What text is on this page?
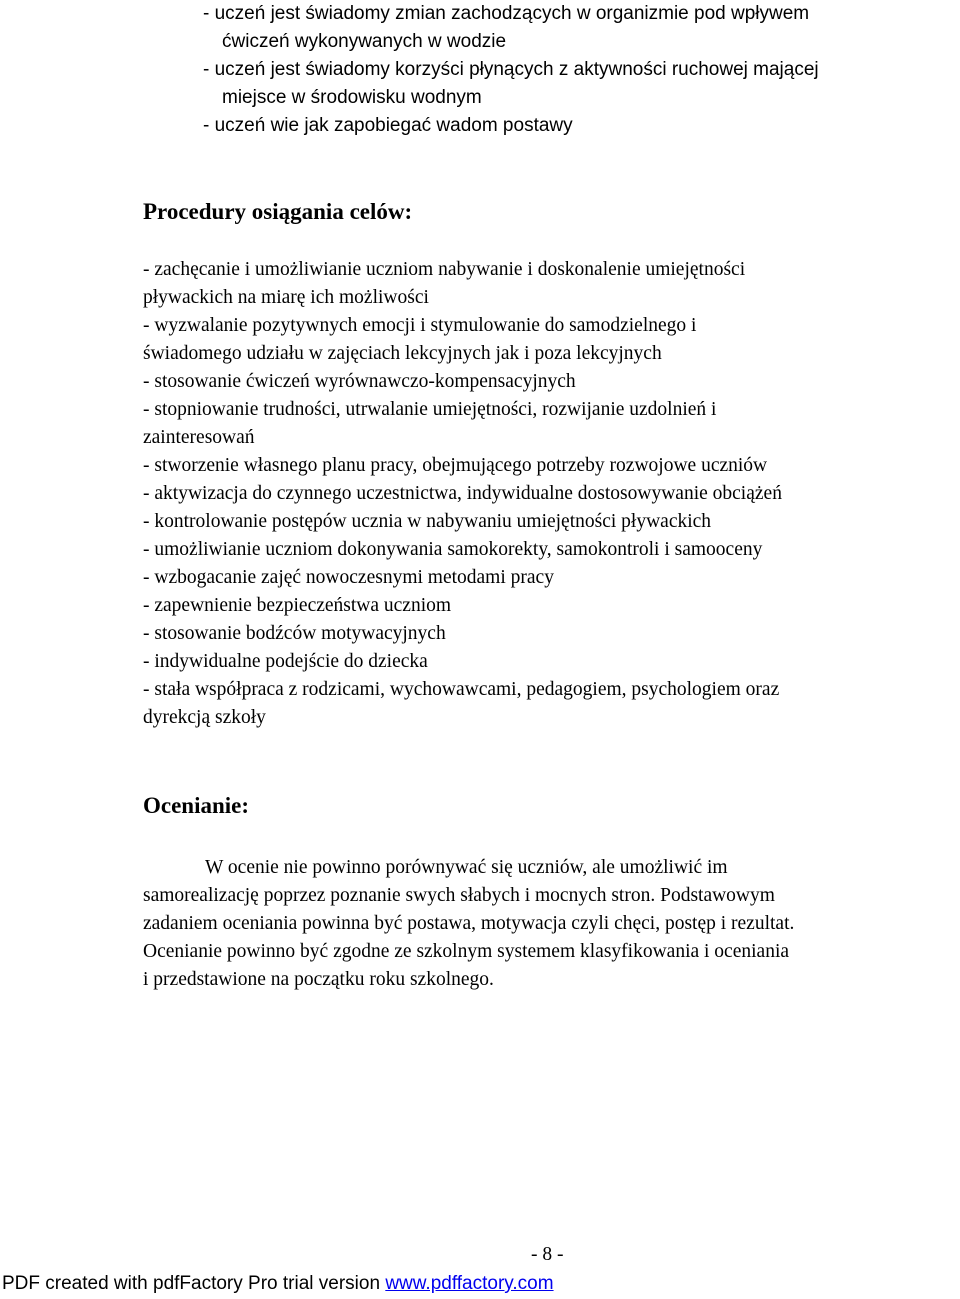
- uczeń jest świadomy zmian zachodzących w organizmie pod wpływem
ćwiczeń wykonywanych w wodzie
- uczeń jest świadomy korzyści płynących z aktywności ruchowej mającej
miejsce w środowisku wodnym
- uczeń wie jak zapobiegać wadom postawy
Procedury osiągania celów:
- zachęcanie i umożliwianie uczniom nabywanie i doskonalenie umiejętności
pływackich na miarę ich możliwości
- wyzwalanie pozytywnych emocji i stymulowanie do samodzielnego i
świadomego udziału w zajęciach lekcyjnych jak i poza lekcyjnych
- stosowanie ćwiczeń wyrównawczo-kompensacyjnych
- stopniowanie trudności, utrwalanie umiejętności, rozwijanie uzdolnień i
zainteresowań
- stworzenie własnego planu pracy, obejmującego potrzeby rozwojowe uczniów
- aktywizacja do czynnego uczestnictwa, indywidualne dostosowywanie obciążeń
- kontrolowanie postępów ucznia w nabywaniu umiejętności pływackich
- umożliwianie uczniom dokonywania samokorekty, samokontroli i samooceny
- wzbogacanie zajęć nowoczesnymi metodami pracy
- zapewnienie bezpieczeństwa uczniom
- stosowanie bodźców motywacyjnych
- indywidualne podejście do dziecka
- stała współpraca z rodzicami, wychowawcami, pedagogiem, psychologiem oraz
dyrekcją szkoły
Ocenianie:
W ocenie nie powinno porównywać się uczniów, ale umożliwić im
samorealizację poprzez poznanie swych słabych i mocnych stron. Podstawowym
zadaniem oceniania powinna być postawa, motywacja czyli chęci, postęp i rezultat.
Ocenianie powinno być zgodne ze szkolnym systemem klasyfikowania i oceniania
i przedstawione na początku roku szkolnego.
- 8 -
PDF created with pdfFactory Pro trial version www.pdffactory.com
